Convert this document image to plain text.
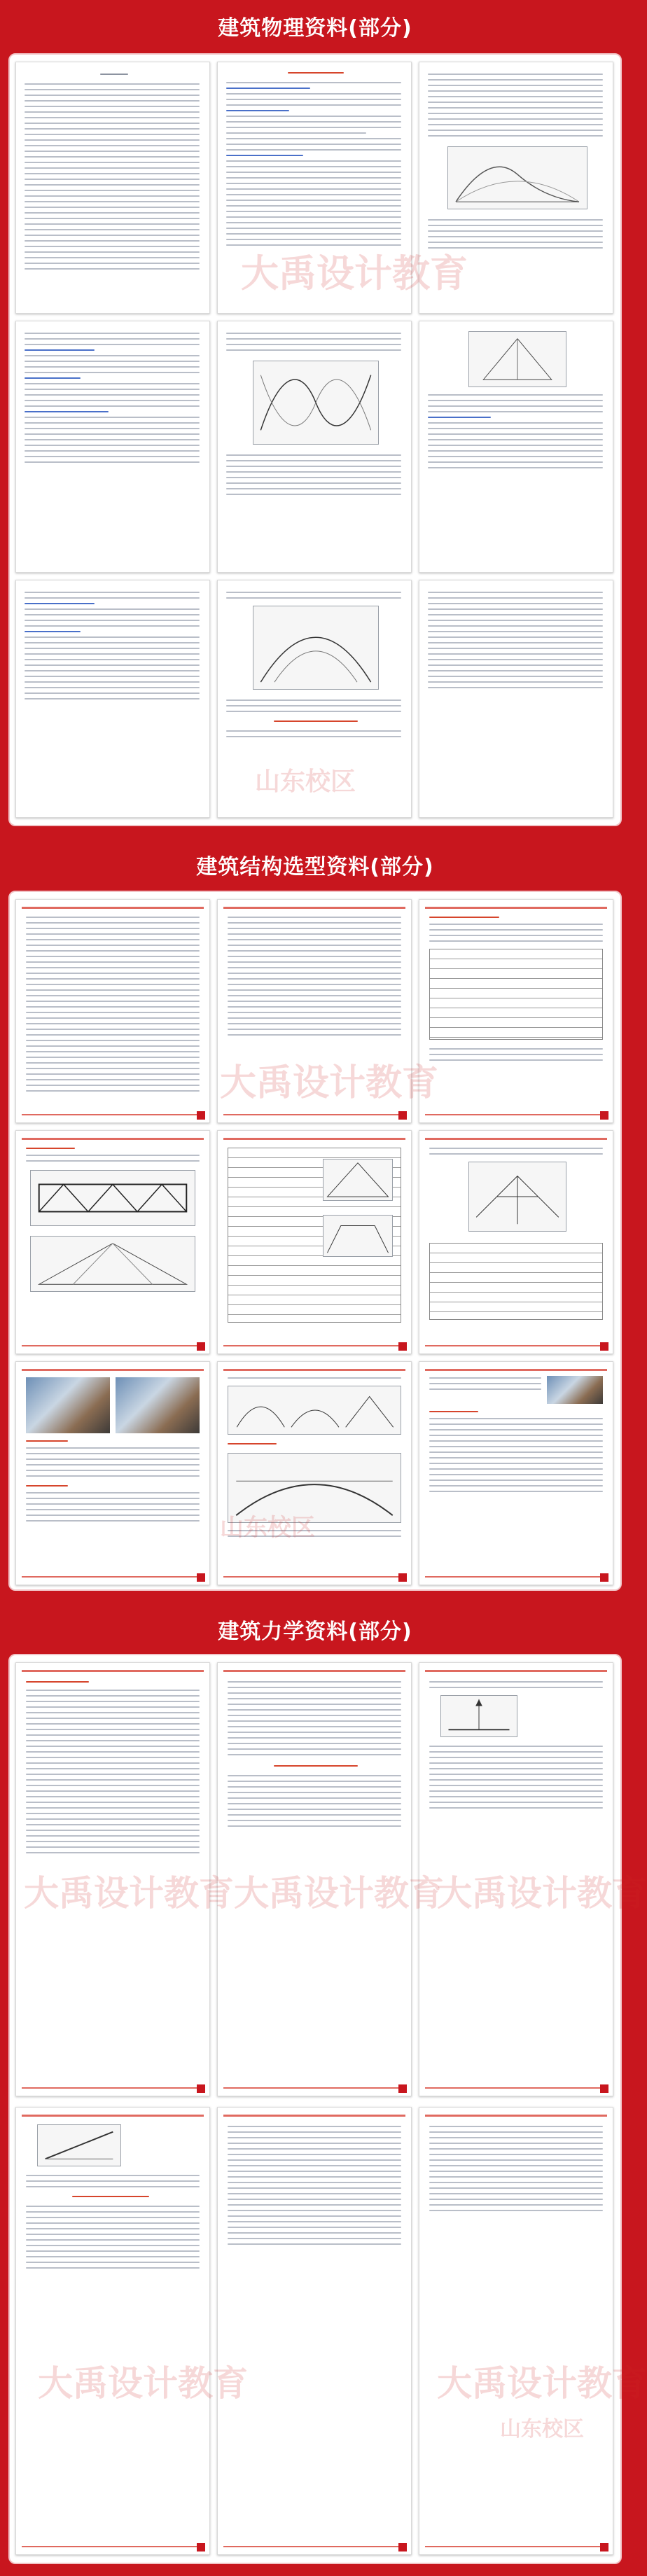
建筑物理资料(部分)
建筑结构选型资料(部分)
建筑力学资料(部分)
